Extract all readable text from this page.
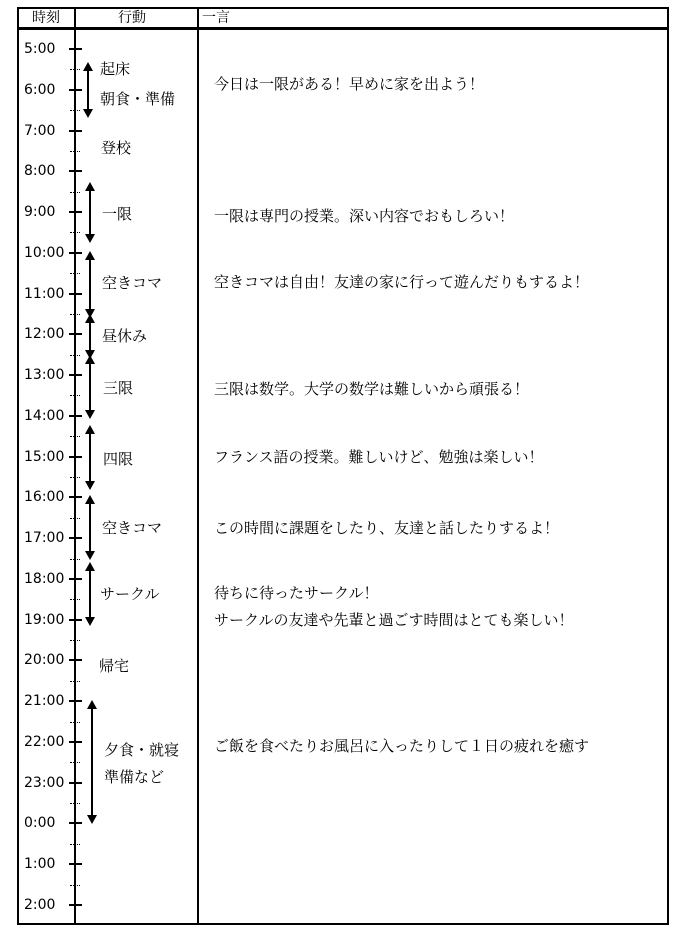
時刻	行動	一言
5:00
6:00
7:00
8:00
9:00
10:00
11:00
12:00
13:00
14:00
15:00
16:00
17:00
18:00
19:00
20:00
21:00
22:00
23:00
0:00
1:00
2:00
起床
朝食・準備
登校
一限
空きコマ
昼休み
三限
四限
空きコマ
サークル
帰宅
夕食・就寝
準備など
今日は一限がある！早めに家を出よう！
一限は専門の授業。深い内容でおもしろい！
空きコマは自由！友達の家に行って遊んだりもするよ！
三限は数学。大学の数学は難しいから頑張る！
フランス語の授業。難しいけど、勉強は楽しい！
この時間に課題をしたり、友達と話したりするよ！
待ちに待ったサークル！
サークルの友達や先輩と過ごす時間はとても楽しい！
ご飯を食べたりお風呂に入ったりして１日の疲れを癒す
